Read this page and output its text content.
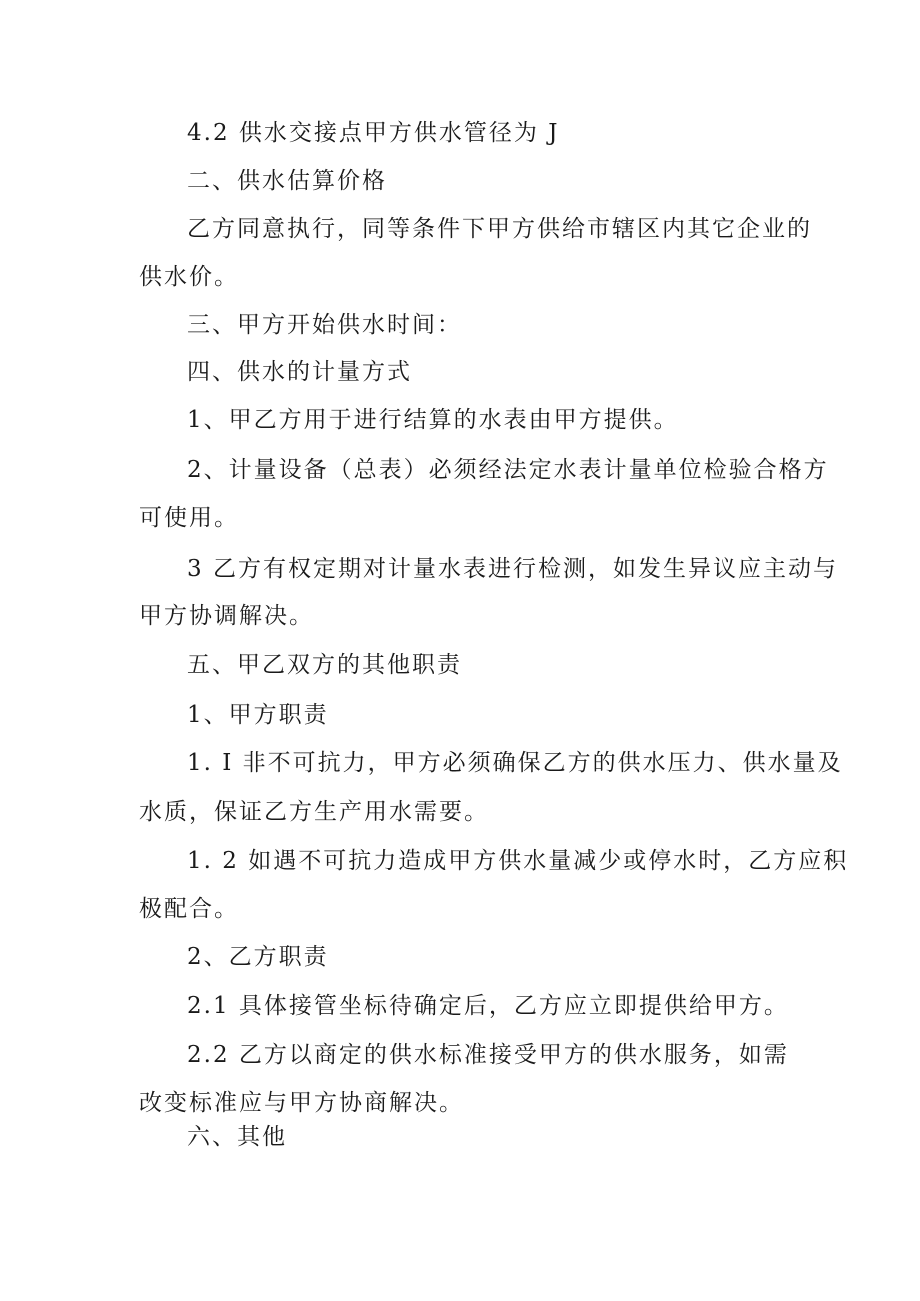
4.2 供水交接点甲方供水管径为 J
二、供水估算价格
乙方同意执行，同等条件下甲方供给市辖区内其它企业的
供水价。
三、甲方开始供水时间：
四、供水的计量方式
1、甲乙方用于进行结算的水表由甲方提供。
2、计量设备（总表）必须经法定水表计量单位检验合格方
可使用。
3 乙方有权定期对计量水表进行检测，如发生异议应主动与
甲方协调解决。
五、甲乙双方的其他职责
1、甲方职责
1. I 非不可抗力，甲方必须确保乙方的供水压力、供水量及
水质，保证乙方生产用水需要。
1. 2 如遇不可抗力造成甲方供水量减少或停水时，乙方应积
极配合。
2、乙方职责
2.1 具体接管坐标待确定后，乙方应立即提供给甲方。
2.2 乙方以商定的供水标准接受甲方的供水服务，如需
改变标准应与甲方协商解决。
六、其他
